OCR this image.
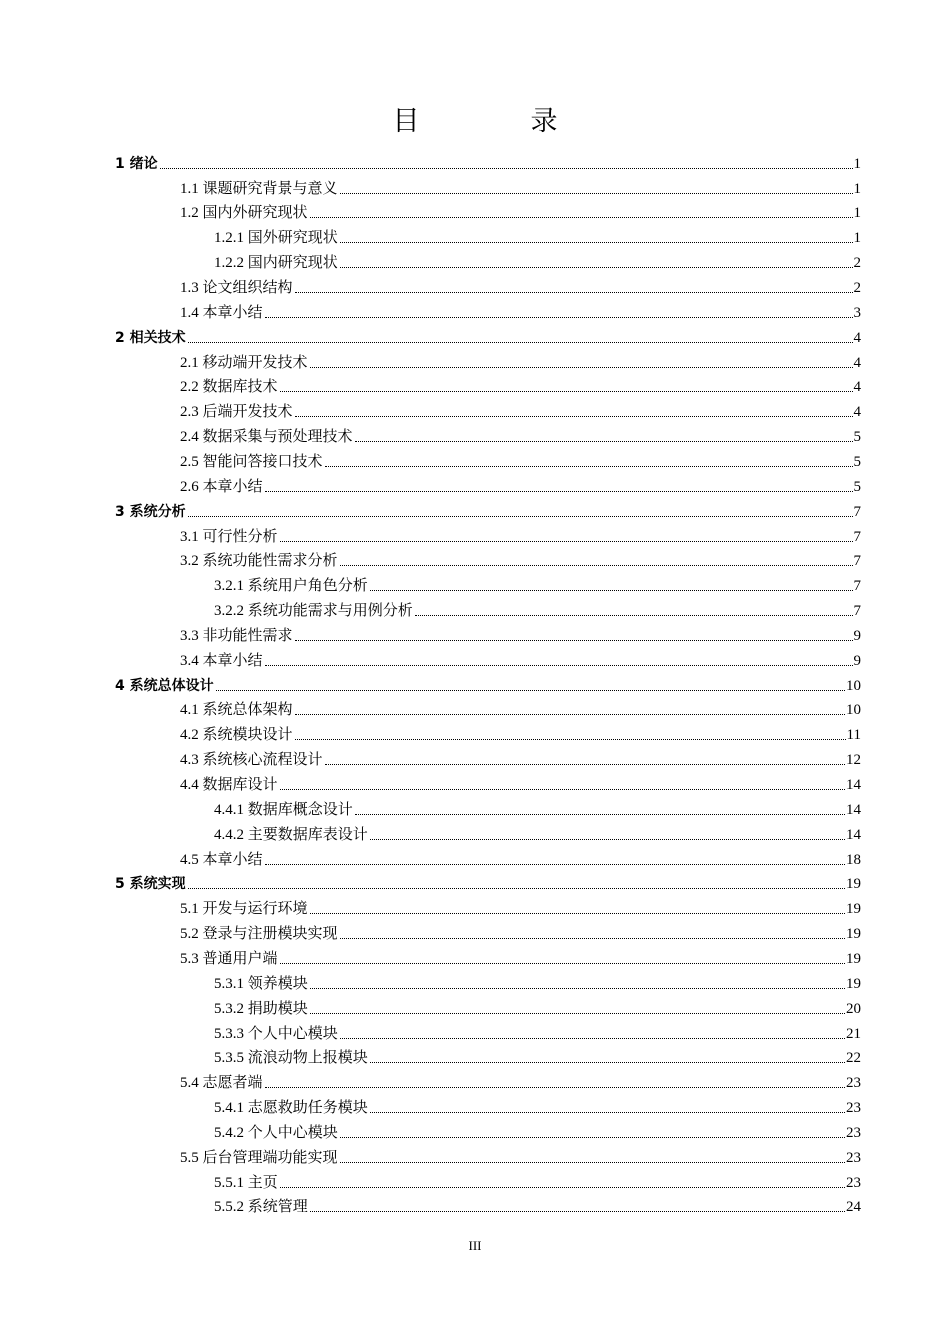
目　录
1 绪论	1
1.1 课题研究背景与意义	1
1.2 国内外研究现状	1
1.2.1 国外研究现状	1
1.2.2 国内研究现状	2
1.3 论文组织结构	2
1.4 本章小结	3
2 相关技术	4
2.1 移动端开发技术	4
2.2 数据库技术	4
2.3 后端开发技术	4
2.4 数据采集与预处理技术	5
2.5 智能问答接口技术	5
2.6 本章小结	5
3 系统分析	7
3.1 可行性分析	7
3.2 系统功能性需求分析	7
3.2.1 系统用户角色分析	7
3.2.2 系统功能需求与用例分析	7
3.3 非功能性需求	9
3.4 本章小结	9
4 系统总体设计	10
4.1 系统总体架构	10
4.2 系统模块设计	11
4.3 系统核心流程设计	12
4.4 数据库设计	14
4.4.1 数据库概念设计	14
4.4.2 主要数据库表设计	14
4.5 本章小结	18
5 系统实现	19
5.1 开发与运行环境	19
5.2 登录与注册模块实现	19
5.3 普通用户端	19
5.3.1 领养模块	19
5.3.2 捐助模块	20
5.3.3 个人中心模块	21
5.3.5 流浪动物上报模块	22
5.4 志愿者端	23
5.4.1 志愿救助任务模块	23
5.4.2 个人中心模块	23
5.5 后台管理端功能实现	23
5.5.1 主页	23
5.5.2 系统管理	24
III
